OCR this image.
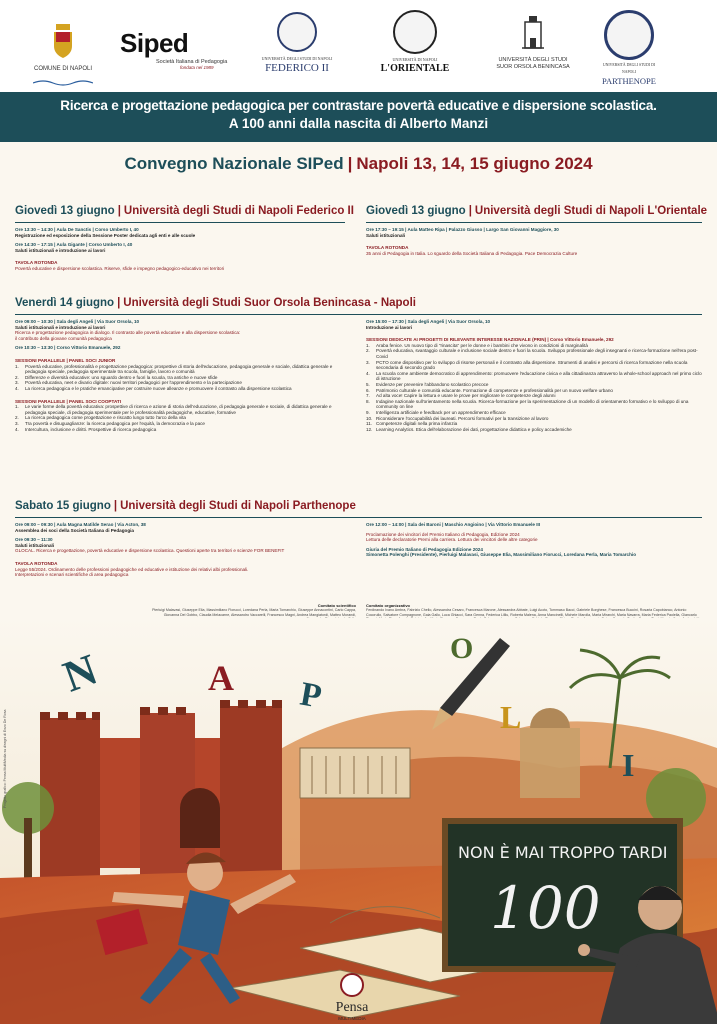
COMUNE DI NAPOLI
Siped
Società Italiana di Pedagogia
fondata nel 1989
UNIVERSITÀ DEGLI STUDI DI NAPOLI
FEDERICO II
UNIVERSITÀ DI NAPOLI
L'ORIENTALE
UNIVERSITÀ DEGLI STUDI SUOR ORSOLA BENINCASA	UNIVERSITÀ DEGLI STUDI DI NAPOLI
PARTHENOPE
Ricerca e progettazione pedagogica per contrastare povertà educative e dispersione scolastica.
A 100 anni dalla nascita di Alberto Manzi
Convegno Nazionale SIPed | Napoli 13, 14, 15 giugno 2024
Giovedì 13 giugno | Università degli Studi di Napoli Federico II
Ore 13:30 – 14:30 | Aula De Sanctis | Corso Umberto I, 40
Registrazione ed esposizione della Sessione Poster dedicata agli enti e alle scuole
Ore 14:30 – 17:15 | Aula Gigante | Corso Umberto I, 40
Saluti istituzionali e introduzione ai lavori
TAVOLA ROTONDA
Povertà educative e dispersione scolastica. Riserve, sfide e impegno pedagogico-educativo nei territori
Giovedì 13 giugno | Università degli Studi di Napoli L'Orientale
Ore 17:30 – 19:15 | Aula Matteo Ripa | Palazzo Giusso | Largo San Giovanni Maggiore, 30
Saluti istituzionali
TAVOLA ROTONDA
35 anni di Pedagogia in Italia. Lo sguardo della Società Italiana di Pedagogia. Pace Democrazia Culture
Venerdì 14 giugno | Università degli Studi Suor Orsola Benincasa - Napoli
Ore 09:00 – 10:30 | Sala degli Angeli | Via Suor Orsola, 10
Saluti istituzionali e introduzione ai lavori
Ricerca e progettazione pedagogica in dialogo. Il contrasto alle povertà educative e alla dispersione scolastica:
il contributo della giovane comunità pedagogica
Ore 10:30 – 13:30 | Corso Vittorio Emanuele, 292
SESSIONI PARALLELE | PANEL SOCI JUNIOR
1.	Povertà educative, professionalità e progettazione pedagogica: prospettive di storia dell'educazione, pedagogia generale e sociale, didattica generale e pedagogia speciale, pedagogia sperimentale tra scuola, famiglie, lavoro e comunità
2.	Differenze e diversità educative: uno sguardo dentro e fuori la scuola, tra antiche e nuove sfide
3.	Povertà educativa, neet e divario digitale: nuovi territori pedagogici per l'apprendimento e la partecipazione
4.	La ricerca pedagogica e le pratiche emancipative per costruire nuove alleanze e promuovere il contrasto alla dispersione scolastica
SESSIONI PARALLELE | PANEL SOCI COOPTATI
1.	Le varie forme della povertà educativa: prospettive di ricerca e azione di storia dell'educazione, di pedagogia generale e sociale, di didattica generale e pedagogia speciale, di pedagogia sperimentale per le professionalità pedagogiche, educative, formative
2.	La ricerca pedagogica come progettazione e riscatto lungo tutto l'arco della vita
3.	Tra povertà e disuguaglianze: la ricerca pedagogica per l'equità, la democrazia e la pace
4.	Intercultura, inclusione e diritti. Prospettive di ricerca pedagogica
Ore 15:00 – 17:30 | Sala degli Angeli | Via Suor Orsola, 10
Introduzione ai lavori
SESSIONI DEDICATE AI PROGETTI DI RILEVANTE INTERESSE NAZIONALE (PRIN) | Corso Vittorio Emanuele, 292
1.	Araba fenice. Un nuovo tipo di "rinascita" per le donne e i bambini che vivono in condizioni di marginalità
2.	Povertà educativa, svantaggio culturale e inclusione sociale dentro e fuori la scuola. Sviluppo professionale degli insegnanti e ricerca-formazione nell'era post-Covid
3.	PCTO come dispositivo per lo sviluppo di risorse personali e il contrasto alla dispersione. Strumenti di analisi e percorsi di ricerca formazione nella scuola secondaria di secondo grado
4.	La scuola come ambiente democratico di apprendimento: promuovere l'educazione civica e alla cittadinanza attraverso la whole-school approach nel primo ciclo di istruzione
5.	Evidenze per prevenire l'abbandono scolastico precoce
6.	Patrimonio culturale e comunità educante. Formazione di competenze e professionalità per un nuovo welfare urbano
7.	Ad alta voce! Capire la lettura e usare le prove per migliorare le competenze degli alunni
8.	Indagine nazionale sull'orientamento nella scuola. Ricerca-formazione per la sperimentazione di un modello di orientamento formativo e lo sviluppo di una community on line
9.	Intelligenza artificiale e feedback per un apprendimento efficace
10. Riconsiderare l'occupabilità dei laureati. Percorsi formativi per la transizione al lavoro
11. Competenze digitali nella prima infanzia
12. Learning Analytics. Etica dell'elaborazione dei dati, progettazione didattica e policy accademiche
Sabato 15 giugno | Università degli Studi di Napoli Parthenope
Ore 09:00 – 09:30 | Aula Magna Matilde Serao | Via Acton, 38
Assemblea dei soci della Società Italiana di Pedagogia
Ore 09:30 – 11:30
Saluti istituzionali
GLOCAL. Ricerca e progettazione, povertà educative e dispersione scolastica. Questioni aperte tra territori e scienze FOR BENEFIT
TAVOLA ROTONDA
Legge 55/2024. Ordinamento delle professioni pedagogiche ed educative e istituzione dei relativi albi professionali.
Interpretazioni e scenari scientifiche di area pedagogica
Ore 12:00 – 14:00 | Sala dei Baroni | Maschio Angioino | Via Vittorio Emanuele III
Proclamazione dei vincitori del Premio Italiano di Pedagogia, Edizione 2024
Lettura delle declaratorie Premi alla carriera. Lettura dei vincitori delle altre categorie
Giuria del Premio Italiano di Pedagogia Edizione 2024
Simonetta Polenghi (Presidente), Pierluigi Malavasi, Giuseppe Elia, Massimiliano Fiorucci, Loredana Perla, Maria Tomarchio
Comitato scientifico
Pierluigi Malavasi, Giuseppe Elia, Massimiliano Fiorucci, Loredana Perla, Maria Tomarchio, Giuseppe Annacontini, Carlo Cappa, Giovanna Del Gobbo, Claudia Melacarne, Alessandro Vaccarelli, Francesco Magni, Andrea Mangiatordi, Matteo Morandi,
Comitato organizzativo
Ferdinando Ivano Ambra, Fabrizio Chello, Alessandra Cesaro, Francesca Marone, Alessandra Abbate, Luigi Acoto, Tommaso Bacci, Gabriele Borghese, Francesca Buccini, Rosaria Capobianco, Antonio Cocorullo, Salvatore Compagnone, Gaia Gallo, Luca Ghiacci, Sara Genna, Federica Lilliu, Roberta Malena, Anna Mancinelli, Michele Marolla, Maria Mirarchi, Maria Navarra, Maria Federica Paolella, Giancarlo
N	A P
O
L
I
NON È MAI TROPPO TARDI
100
Pensa
MULTIMEDIA
Progetto grafico: Pensa MultiMedia su disegni di Enzo De Rosa
